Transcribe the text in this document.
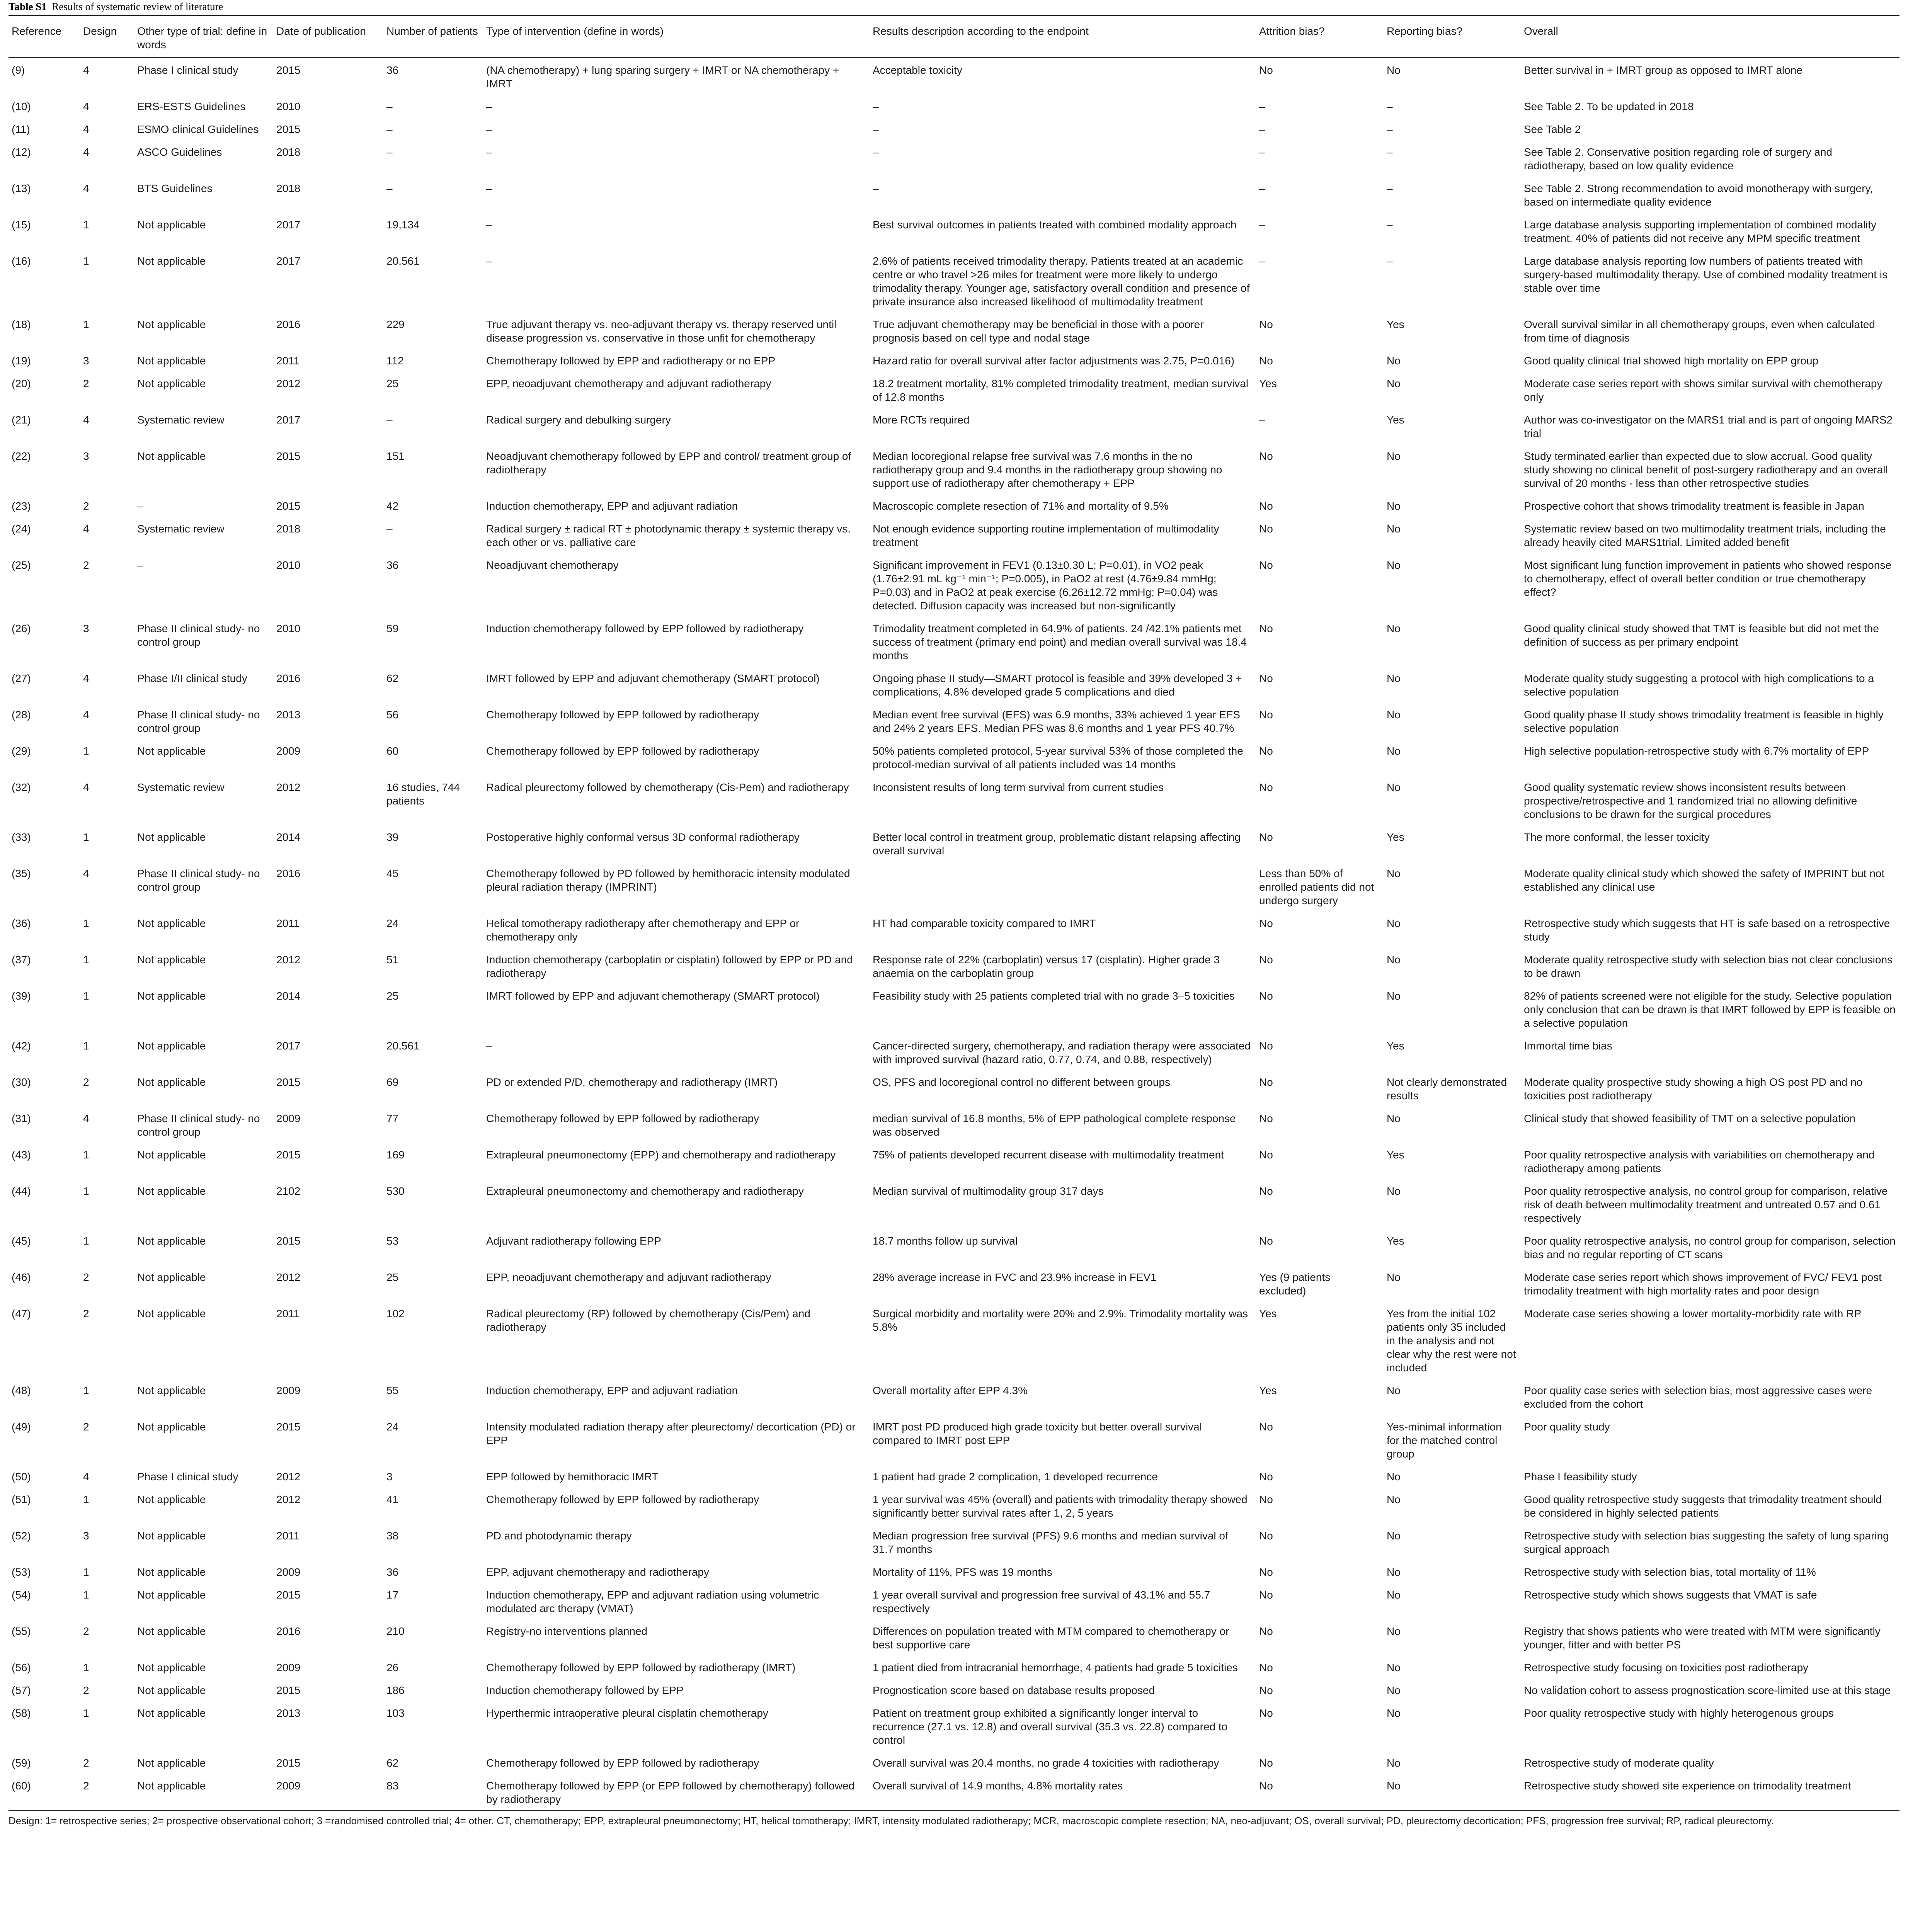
Table S1 Results of systematic review of literature
Reference	Design	Other type of trial: define in words	Date of publication	Number of patients	Type of intervention (define in words)	Results description according to the endpoint	Attrition bias?	Reporting bias?	Overall
(9)	4	Phase I clinical study	2015	36	(NA chemotherapy) + lung sparing surgery + IMRT or NA chemotherapy + IMRT	Acceptable toxicity	No	No	Better survival in + IMRT group as opposed to IMRT alone
(10)	4	ERS-ESTS Guidelines	2010	–	–	–	–	–	See Table 2. To be updated in 2018
(11)	4	ESMO clinical Guidelines	2015	–	–	–	–	–	See Table 2
(12)	4	ASCO Guidelines	2018	–	–	–	–	–	See Table 2. Conservative position regarding role of surgery and radiotherapy, based on low quality evidence
(13)	4	BTS Guidelines	2018	–	–	–	–	–	See Table 2. Strong recommendation to avoid monotherapy with surgery, based on intermediate quality evidence
(15)	1	Not applicable	2017	19,134	–	Best survival outcomes in patients treated with combined modality approach	–	–	Large database analysis supporting implementation of combined modality treatment. 40% of patients did not receive any MPM specific treatment
(16)	1	Not applicable	2017	20,561	–	2.6% of patients received trimodality therapy. Patients treated at an academic centre or who travel >26 miles for treatment were more likely to undergo trimodality therapy. Younger age, satisfactory overall condition and presence of private insurance also increased likelihood of multimodality treatment	–	–	Large database analysis reporting low numbers of patients treated with surgery-based multimodality therapy. Use of combined modality treatment is stable over time
(18)	1	Not applicable	2016	229	True adjuvant therapy vs. neo-adjuvant therapy vs. therapy reserved until disease progression vs. conservative in those unfit for chemotherapy	True adjuvant chemotherapy may be beneficial in those with a poorer prognosis based on cell type and nodal stage	No	Yes	Overall survival similar in all chemotherapy groups, even when calculated from time of diagnosis
(19)	3	Not applicable	2011	112	Chemotherapy followed by EPP and radiotherapy or no EPP	Hazard ratio for overall survival after factor adjustments was 2.75, P=0.016)	No	No	Good quality clinical trial showed high mortality on EPP group
(20)	2	Not applicable	2012	25	EPP, neoadjuvant chemotherapy and adjuvant radiotherapy	18.2 treatment mortality, 81% completed trimodality treatment, median survival of 12.8 months	Yes	No	Moderate case series report with shows similar survival with chemotherapy only
(21)	4	Systematic review	2017	–	Radical surgery and debulking surgery	More RCTs required	–	Yes	Author was co-investigator on the MARS1 trial and is part of ongoing MARS2 trial
(22)	3	Not applicable	2015	151	Neoadjuvant chemotherapy followed by EPP and control/ treatment group of radiotherapy	Median locoregional relapse free survival was 7.6 months in the no radiotherapy group and 9.4 months in the radiotherapy group showing no support use of radiotherapy after chemotherapy + EPP	No	No	Study terminated earlier than expected due to slow accrual. Good quality study showing no clinical benefit of post-surgery radiotherapy and an overall survival of 20 months - less than other retrospective studies
(23)	2	–	2015	42	Induction chemotherapy, EPP and adjuvant radiation	Macroscopic complete resection of 71% and mortality of 9.5%	No	No	Prospective cohort that shows trimodality treatment is feasible in Japan
(24)	4	Systematic review	2018	–	Radical surgery ± radical RT ± photodynamic therapy ± systemic therapy vs. each other or vs. palliative care	Not enough evidence supporting routine implementation of multimodality treatment	No	No	Systematic review based on two multimodality treatment trials, including the already heavily cited MARS1trial. Limited added benefit
(25)	2	–	2010	36	Neoadjuvant chemotherapy	Significant improvement in FEV1 (0.13±0.30 L; P=0.01), in VO2 peak (1.76±2.91 mL kg⁻¹ min⁻¹; P=0.005), in PaO2 at rest (4.76±9.84 mmHg; P=0.03) and in PaO2 at peak exercise (6.26±12.72 mmHg; P=0.04) was detected. Diffusion capacity was increased but non-significantly	No	No	Most significant lung function improvement in patients who showed response to chemotherapy, effect of overall better condition or true chemotherapy effect?
(26)	3	Phase II clinical study- no control group	2010	59	Induction chemotherapy followed by EPP followed by radiotherapy	Trimodality treatment completed in 64.9% of patients. 24 /42.1% patients met success of treatment (primary end point) and median overall survival was 18.4 months	No	No	Good quality clinical study showed that TMT is feasible but did not met the definition of success as per primary endpoint
(27)	4	Phase I/II clinical study	2016	62	IMRT followed by EPP and adjuvant chemotherapy (SMART protocol)	Ongoing phase II study—SMART protocol is feasible and 39% developed 3 + complications, 4.8% developed grade 5 complications and died	No	No	Moderate quality study suggesting a protocol with high complications to a selective population
(28)	4	Phase II clinical study- no control group	2013	56	Chemotherapy followed by EPP followed by radiotherapy	Median event free survival (EFS) was 6.9 months, 33% achieved 1 year EFS and 24% 2 years EFS. Median PFS was 8.6 months and 1 year PFS 40.7%	No	No	Good quality phase II study shows trimodality treatment is feasible in highly selective population
(29)	1	Not applicable	2009	60	Chemotherapy followed by EPP followed by radiotherapy	50% patients completed protocol, 5-year survival 53% of those completed the protocol-median survival of all patients included was 14 months	No	No	High selective population-retrospective study with 6.7% mortality of EPP
(32)	4	Systematic review	2012	16 studies, 744 patients	Radical pleurectomy followed by chemotherapy (Cis-Pem) and radiotherapy	Inconsistent results of long term survival from current studies	No	No	Good quality systematic review shows inconsistent results between prospective/retrospective and 1 randomized trial no allowing definitive conclusions to be drawn for the surgical procedures
(33)	1	Not applicable	2014	39	Postoperative highly conformal versus 3D conformal radiotherapy	Better local control in treatment group, problematic distant relapsing affecting overall survival	No	Yes	The more conformal, the lesser toxicity
(35)	4	Phase II clinical study- no control group	2016	45	Chemotherapy followed by PD followed by hemithoracic intensity modulated pleural radiation therapy (IMPRINT)		Less than 50% of enrolled patients did not undergo surgery	No	Moderate quality clinical study which showed the safety of IMPRINT but not established any clinical use
(36)	1	Not applicable	2011	24	Helical tomotherapy radiotherapy after chemotherapy and EPP or chemotherapy only	HT had comparable toxicity compared to IMRT	No	No	Retrospective study which suggests that HT is safe based on a retrospective study
(37)	1	Not applicable	2012	51	Induction chemotherapy (carboplatin or cisplatin) followed by EPP or PD and radiotherapy	Response rate of 22% (carboplatin) versus 17 (cisplatin). Higher grade 3 anaemia on the carboplatin group	No	No	Moderate quality retrospective study with selection bias not clear conclusions to be drawn
(39)	1	Not applicable	2014	25	IMRT followed by EPP and adjuvant chemotherapy (SMART protocol)	Feasibility study with 25 patients completed trial with no grade 3–5 toxicities	No	No	82% of patients screened were not eligible for the study. Selective population only conclusion that can be drawn is that IMRT followed by EPP is feasible on a selective population
(42)	1	Not applicable	2017	20,561	–	Cancer-directed surgery, chemotherapy, and radiation therapy were associated with improved survival (hazard ratio, 0.77, 0.74, and 0.88, respectively)	No	Yes	Immortal time bias
(30)	2	Not applicable	2015	69	PD or extended P/D, chemotherapy and radiotherapy (IMRT)	OS, PFS and locoregional control no different between groups	No	Not clearly demonstrated results	Moderate quality prospective study showing a high OS post PD and no toxicities post radiotherapy
(31)	4	Phase II clinical study- no control group	2009	77	Chemotherapy followed by EPP followed by radiotherapy	median survival of 16.8 months, 5% of EPP pathological complete response was observed	No	No	Clinical study that showed feasibility of TMT on a selective population
(43)	1	Not applicable	2015	169	Extrapleural pneumonectomy (EPP) and chemotherapy and radiotherapy	75% of patients developed recurrent disease with multimodality treatment	No	Yes	Poor quality retrospective analysis with variabilities on chemotherapy and radiotherapy among patients
(44)	1	Not applicable	2102	530	Extrapleural pneumonectomy and chemotherapy and radiotherapy	Median survival of multimodality group 317 days	No	No	Poor quality retrospective analysis, no control group for comparison, relative risk of death between multimodality treatment and untreated 0.57 and 0.61 respectively
(45)	1	Not applicable	2015	53	Adjuvant radiotherapy following EPP	18.7 months follow up survival	No	Yes	Poor quality retrospective analysis, no control group for comparison, selection bias and no regular reporting of CT scans
(46)	2	Not applicable	2012	25	EPP, neoadjuvant chemotherapy and adjuvant radiotherapy	28% average increase in FVC and 23.9% increase in FEV1	Yes (9 patients excluded)	No	Moderate case series report which shows improvement of FVC/ FEV1 post trimodality treatment with high mortality rates and poor design
(47)	2	Not applicable	2011	102	Radical pleurectomy (RP) followed by chemotherapy (Cis/Pem) and radiotherapy	Surgical morbidity and mortality were 20% and 2.9%. Trimodality mortality was 5.8%	Yes	Yes from the initial 102 patients only 35 included in the analysis and not clear why the rest were not included	Moderate case series showing a lower mortality-morbidity rate with RP
(48)	1	Not applicable	2009	55	Induction chemotherapy, EPP and adjuvant radiation	Overall mortality after EPP 4.3%	Yes	No	Poor quality case series with selection bias, most aggressive cases were excluded from the cohort
(49)	2	Not applicable	2015	24	Intensity modulated radiation therapy after pleurectomy/ decortication (PD) or EPP	IMRT post PD produced high grade toxicity but better overall survival compared to IMRT post EPP	No	Yes-minimal information for the matched control group	Poor quality study
(50)	4	Phase I clinical study	2012	3	EPP followed by hemithoracic IMRT	1 patient had grade 2 complication, 1 developed recurrence	No	No	Phase I feasibility study
(51)	1	Not applicable	2012	41	Chemotherapy followed by EPP followed by radiotherapy	1 year survival was 45% (overall) and patients with trimodality therapy showed significantly better survival rates after 1, 2, 5 years	No	No	Good quality retrospective study suggests that trimodality treatment should be considered in highly selected patients
(52)	3	Not applicable	2011	38	PD and photodynamic therapy	Median progression free survival (PFS) 9.6 months and median survival of 31.7 months	No	No	Retrospective study with selection bias suggesting the safety of lung sparing surgical approach
(53)	1	Not applicable	2009	36	EPP, adjuvant chemotherapy and radiotherapy	Mortality of 11%, PFS was 19 months	No	No	Retrospective study with selection bias, total mortality of 11%
(54)	1	Not applicable	2015	17	Induction chemotherapy, EPP and adjuvant radiation using volumetric modulated arc therapy (VMAT)	1 year overall survival and progression free survival of 43.1% and 55.7 respectively	No	No	Retrospective study which shows suggests that VMAT is safe
(55)	2	Not applicable	2016	210	Registry-no interventions planned	Differences on population treated with MTM compared to chemotherapy or best supportive care	No	No	Registry that shows patients who were treated with MTM were significantly younger, fitter and with better PS
(56)	1	Not applicable	2009	26	Chemotherapy followed by EPP followed by radiotherapy (IMRT)	1 patient died from intracranial hemorrhage, 4 patients had grade 5 toxicities	No	No	Retrospective study focusing on toxicities post radiotherapy
(57)	2	Not applicable	2015	186	Induction chemotherapy followed by EPP	Prognostication score based on database results proposed	No	No	No validation cohort to assess prognostication score-limited use at this stage
(58)	1	Not applicable	2013	103	Hyperthermic intraoperative pleural cisplatin chemotherapy	Patient on treatment group exhibited a significantly longer interval to recurrence (27.1 vs. 12.8) and overall survival (35.3 vs. 22.8) compared to control	No	No	Poor quality retrospective study with highly heterogenous groups
(59)	2	Not applicable	2015	62	Chemotherapy followed by EPP followed by radiotherapy	Overall survival was 20.4 months, no grade 4 toxicities with radiotherapy	No	No	Retrospective study of moderate quality
(60)	2	Not applicable	2009	83	Chemotherapy followed by EPP (or EPP followed by chemotherapy) followed by radiotherapy	Overall survival of 14.9 months, 4.8% mortality rates	No	No	Retrospective study showed site experience on trimodality treatment
Design: 1= retrospective series; 2= prospective observational cohort; 3 =randomised controlled trial; 4= other. CT, chemotherapy; EPP, extrapleural pneumonectomy; HT, helical tomotherapy; IMRT, intensity modulated radiotherapy; MCR, macroscopic complete resection; NA, neo-adjuvant; OS, overall survival; PD, pleurectomy decortication; PFS, progression free survival; RP, radical pleurectomy.
